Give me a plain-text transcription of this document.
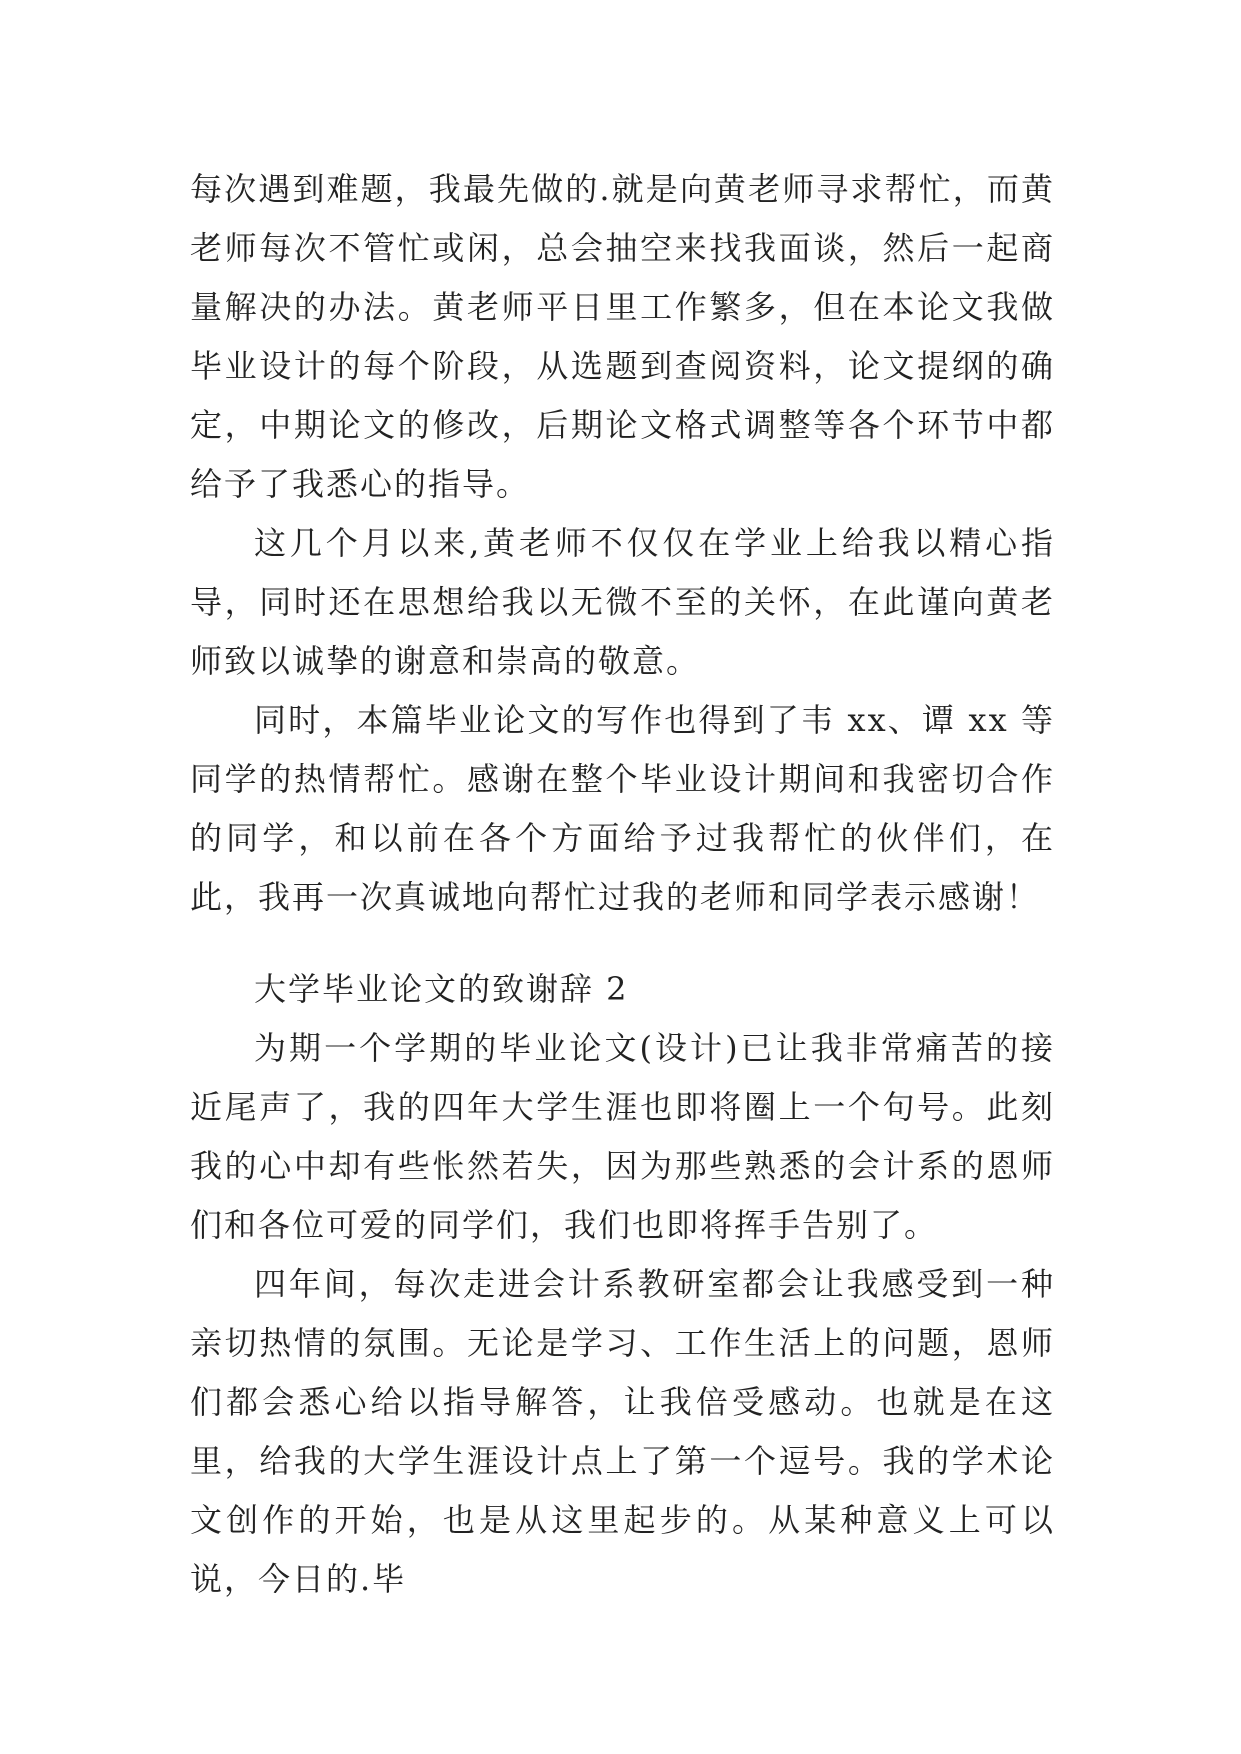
每次遇到难题，我最先做的.就是向黄老师寻求帮忙，而黄老师每次不管忙或闲，总会抽空来找我面谈，然后一起商量解决的办法。黄老师平日里工作繁多，但在本论文我做毕业设计的每个阶段，从选题到查阅资料，论文提纲的确定，中期论文的修改，后期论文格式调整等各个环节中都给予了我悉心的指导。

这几个月以来,黄老师不仅仅在学业上给我以精心指导，同时还在思想给我以无微不至的关怀，在此谨向黄老师致以诚挚的谢意和崇高的敬意。

同时，本篇毕业论文的写作也得到了韦 xx、谭 xx 等同学的热情帮忙。感谢在整个毕业设计期间和我密切合作的同学，和以前在各个方面给予过我帮忙的伙伴们，在此，我再一次真诚地向帮忙过我的老师和同学表示感谢！

大学毕业论文的致谢辞 2

为期一个学期的毕业论文(设计)已让我非常痛苦的接近尾声了，我的四年大学生涯也即将圈上一个句号。此刻我的心中却有些怅然若失，因为那些熟悉的会计系的恩师们和各位可爱的同学们，我们也即将挥手告别了。

四年间，每次走进会计系教研室都会让我感受到一种亲切热情的氛围。无论是学习、工作生活上的问题，恩师们都会悉心给以指导解答，让我倍受感动。也就是在这里，给我的大学生涯设计点上了第一个逗号。我的学术论文创作的开始，也是从这里起步的。从某种意义上可以说，今日的.毕
